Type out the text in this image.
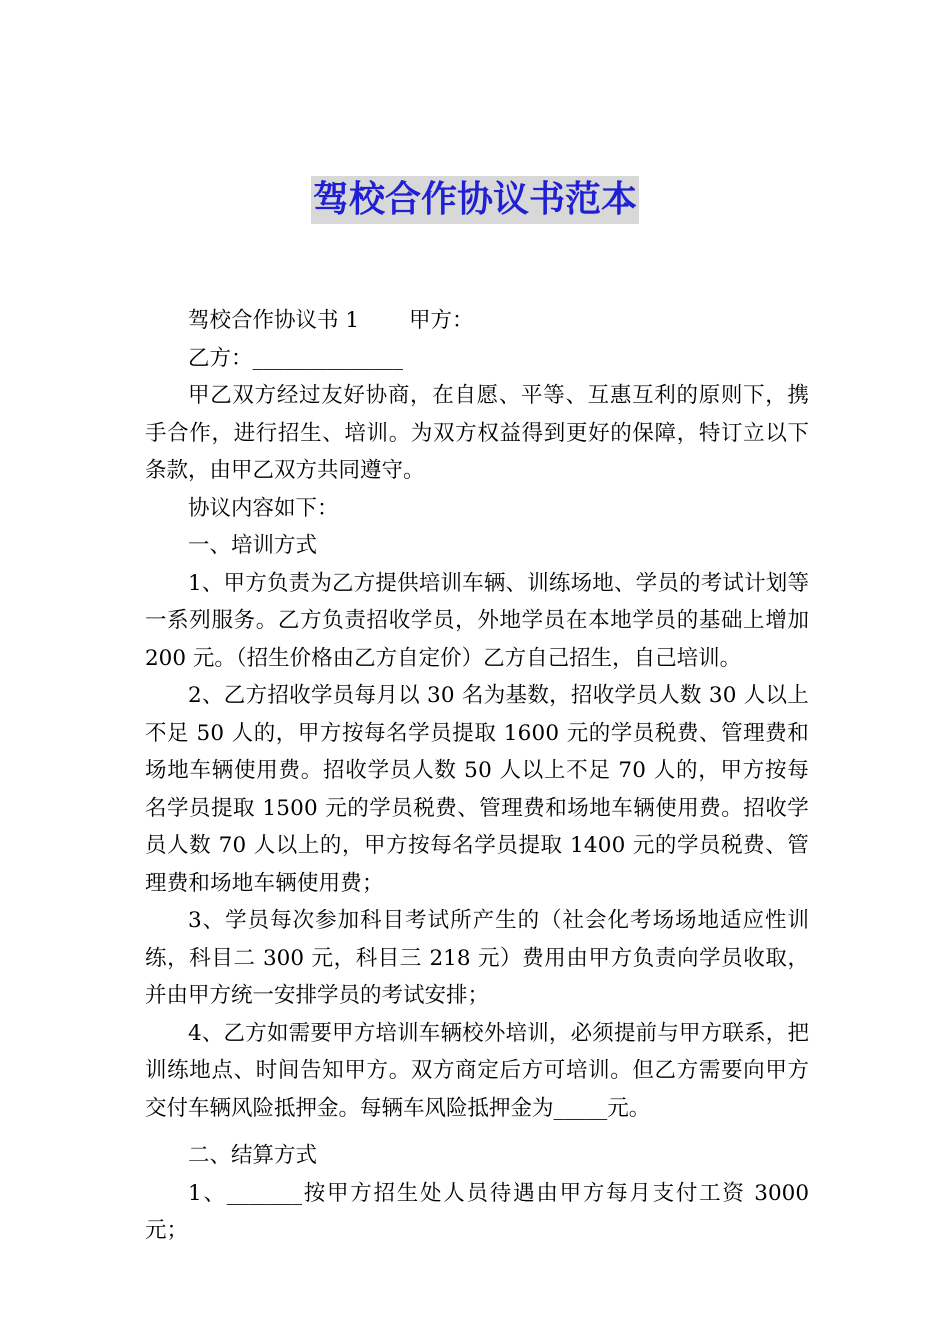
驾校合作协议书范本

驾校合作协议书 1 甲方：

乙方：______________

甲乙双方经过友好协商，在自愿、平等、互惠互利的原则下，携手合作，进行招生、培训。为双方权益得到更好的保障，特订立以下条款，由甲乙双方共同遵守。

协议内容如下：

一、培训方式

1、甲方负责为乙方提供培训车辆、训练场地、学员的考试计划等一系列服务。乙方负责招收学员，外地学员在本地学员的基础上增加 200 元。（招生价格由乙方自定价）乙方自己招生，自己培训。

2、乙方招收学员每月以 30 名为基数，招收学员人数 30 人以上不足 50 人的，甲方按每名学员提取 1600 元的学员税费、管理费和场地车辆使用费。招收学员人数 50 人以上不足 70 人的，甲方按每名学员提取 1500 元的学员税费、管理费和场地车辆使用费。招收学员人数 70 人以上的，甲方按每名学员提取 1400 元的学员税费、管理费和场地车辆使用费；

3、学员每次参加科目考试所产生的（社会化考场场地适应性训练，科目二 300 元，科目三 218 元）费用由甲方负责向学员收取，并由甲方统一安排学员的考试安排；

4、乙方如需要甲方培训车辆校外培训，必须提前与甲方联系，把训练地点、时间告知甲方。双方商定后方可培训。但乙方需要向甲方交付车辆风险抵押金。每辆车风险抵押金为_____元。

二、结算方式

1、_______按甲方招生处人员待遇由甲方每月支付工资 3000 元；
